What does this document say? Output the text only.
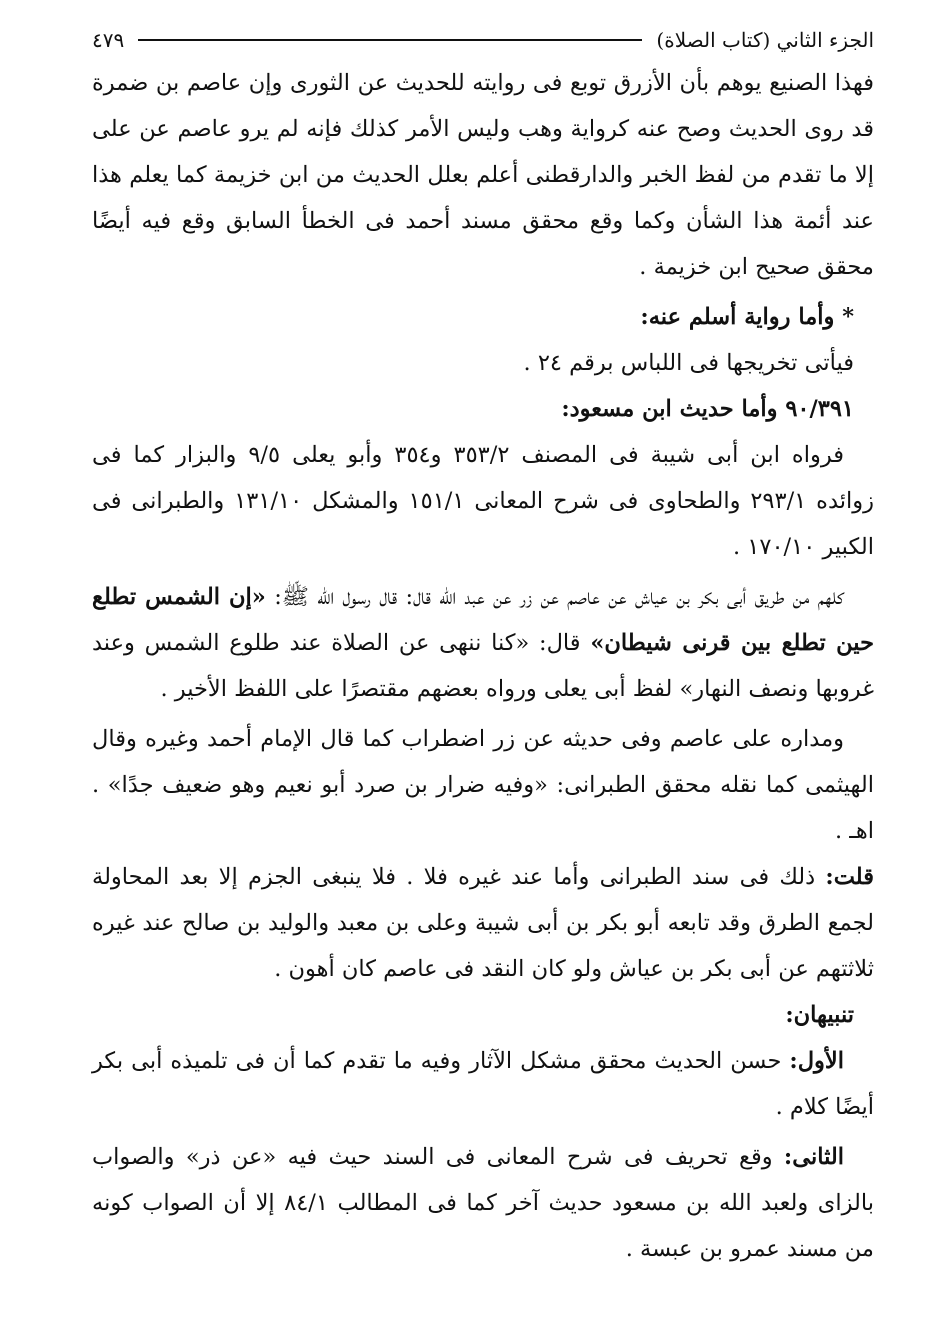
الجزء الثاني (كتاب الصلاة)
٤٧٩

فهذا الصنيع يوهم بأن الأزرق توبع فى روايته للحديث عن الثورى وإن عاصم بن ضمرة قد روى الحديث وصح عنه كرواية وهب وليس الأمر كذلك فإنه لم يرو عاصم عن على إلا ما تقدم من لفظ الخبر والدارقطنى أعلم بعلل الحديث من ابن خزيمة كما يعلم هذا عند أئمة هذا الشأن وكما وقع محقق مسند أحمد فى الخطأ السابق وقع فيه أيضًا محقق صحيح ابن خزيمة .

* وأما رواية أسلم عنه:

فيأتى تخريجها فى اللباس برقم ٢٤ .

٩٠/٣٩١ وأما حديث ابن مسعود:

فرواه ابن أبى شيبة فى المصنف ٣٥٣/٢ و٣٥٤ وأبو يعلى ٩/٥ والبزار كما فى زوائده ٢٩٣/١ والطحاوى فى شرح المعانى ١٥١/١ والمشكل ١٣١/١٠ والطبرانى فى الكبير ١٧٠/١٠ .

كلهم من طريق أبى بكر بن عياش عن عاصم عن زر عن عبد الله قال: قال رسول الله ﷺ: «إن الشمس تطلع حين تطلع بين قرنى شيطان» قال: «كنا ننهى عن الصلاة عند طلوع الشمس وعند غروبها ونصف النهار» لفظ أبى يعلى ورواه بعضهم مقتصرًا على اللفظ الأخير .

ومداره على عاصم وفى حديثه عن زر اضطراب كما قال الإمام أحمد وغيره وقال الهيثمى كما نقله محقق الطبرانى: «وفيه ضرار بن صرد أبو نعيم وهو ضعيف جدًا» . اهـ .

قلت: ذلك فى سند الطبرانى وأما عند غيره فلا . فلا ينبغى الجزم إلا بعد المحاولة لجمع الطرق وقد تابعه أبو بكر بن أبى شيبة وعلى بن معبد والوليد بن صالح عند غيره ثلاثتهم عن أبى بكر بن عياش ولو كان النقد فى عاصم كان أهون .

تنبيهان:

الأول: حسن الحديث محقق مشكل الآثار وفيه ما تقدم كما أن فى تلميذه أبى بكر أيضًا كلام .

الثانى: وقع تحريف فى شرح المعانى فى السند حيث فيه «عن ذر» والصواب بالزاى ولعبد الله بن مسعود حديث آخر كما فى المطالب ٨٤/١ إلا أن الصواب كونه من مسند عمرو بن عبسة .
